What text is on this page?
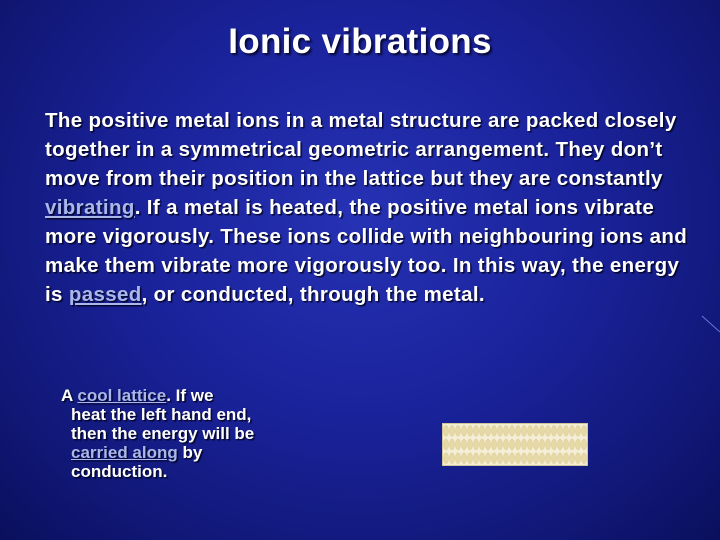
Ionic vibrations

The positive metal ions in a metal structure are packed closely together in a symmetrical geometric arrangement. They don’t move from their position in the lattice but they are constantly vibrating. If a metal is heated, the positive metal ions vibrate more vigorously. These ions collide with neighbouring ions and make them vibrate more vigorously too. In this way, the energy is passed, or conducted, through the metal.

A cool lattice. If we
heat the left hand end,
then the energy will be
carried along by
conduction.
